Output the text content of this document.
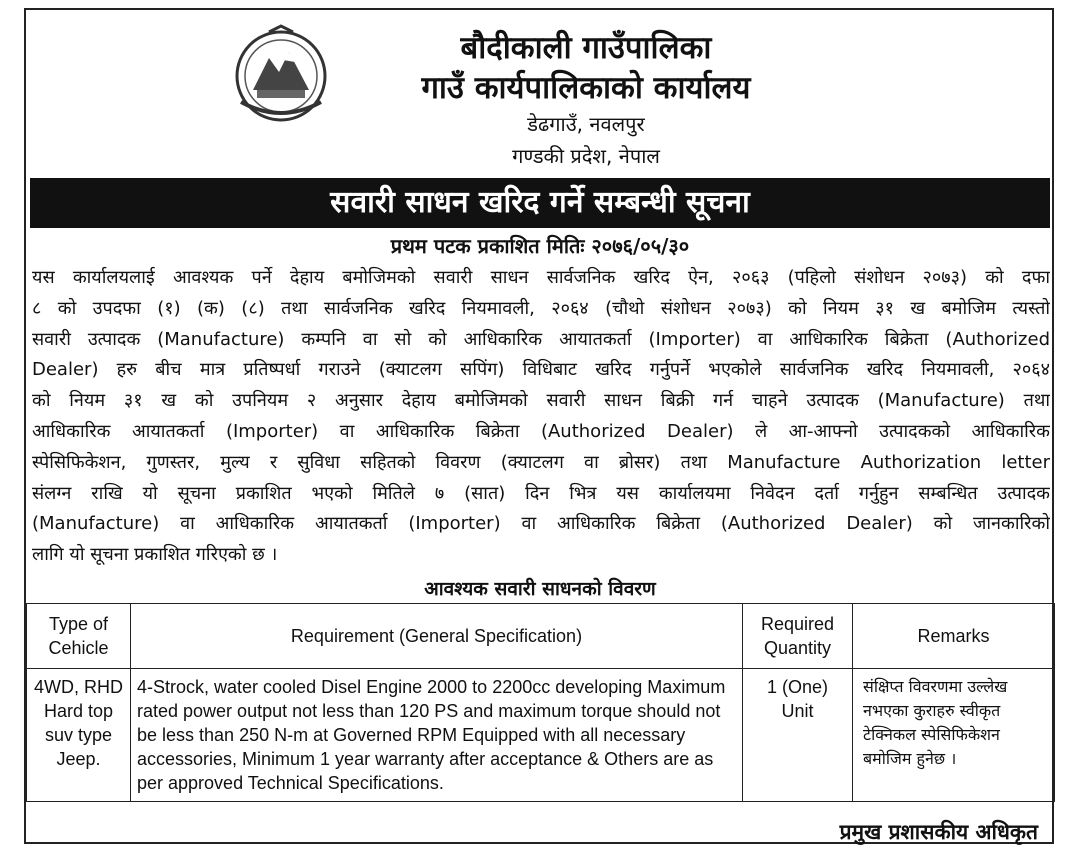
बौदीकाली गाउँपालिका
गाउँ कार्यपालिकाको कार्यालय
डेढगाउँ, नवलपुर
गण्डकी प्रदेश, नेपाल
सवारी साधन खरिद गर्ने सम्बन्धी सूचना
प्रथम पटक प्रकाशित मितिः २०७६/०५/३०
यस कार्यालयलाई आवश्यक पर्ने देहाय बमोजिमको सवारी साधन सार्वजनिक खरिद ऐन, २०६३ (पहिलो संशोधन २०७३) को दफा
८ को उपदफा (१) (क) (८) तथा सार्वजनिक खरिद नियमावली, २०६४ (चौथो संशोधन २०७३) को नियम ३१ ख बमोजिम त्यस्तो
सवारी उत्पादक (Manufacture) कम्पनि वा सो को आधिकारिक आयातकर्ता (Importer) वा आधिकारिक बिक्रेता (Authorized
Dealer) हरु बीच मात्र प्रतिष्पर्धा गराउने (क्याटलग सपिंग) विधिबाट खरिद गर्नुपर्ने भएकोले सार्वजनिक खरिद नियमावली, २०६४
को नियम ३१ ख को उपनियम २ अनुसार देहाय बमोजिमको सवारी साधन बिक्री गर्न चाहने उत्पादक (Manufacture) तथा
आधिकारिक आयातकर्ता (Importer) वा आधिकारिक बिक्रेता (Authorized Dealer) ले आ-आफ्नो उत्पादकको आधिकारिक
स्पेसिफिकेशन, गुणस्तर, मुल्य र सुविधा सहितको विवरण (क्याटलग वा ब्रोसर) तथा Manufacture Authorization letter
संलग्न राखि यो सूचना प्रकाशित भएको मितिले ७ (सात) दिन भित्र यस कार्यालयमा निवेदन दर्ता गर्नुहुन सम्बन्धित उत्पादक
(Manufacture) वा आधिकारिक आयातकर्ता (Importer) वा आधिकारिक बिक्रेता (Authorized Dealer) को जानकारिको
लागि यो सूचना प्रकाशित गरिएको छ ।
आवश्यक सवारी साधनको विवरण
Type of Cehicle	Requirement (General Specification)	Required Quantity	Remarks
4WD, RHD Hard top suv type Jeep.	4-Strock, water cooled Disel Engine 2000 to 2200cc developing Maximum rated power output not less than 120 PS and maximum torque should not be less than 250 N-m at Governed RPM Equipped with all necessary accessories, Minimum 1 year warranty after acceptance & Others are as per approved Technical Specifications.	1 (One) Unit	संक्षिप्त विवरणमा उल्लेख नभएका कुराहरु स्वीकृत टेक्निकल स्पेसिफिकेशन बमोजिम हुनेछ ।
प्रमुख प्रशासकीय अधिकृत
